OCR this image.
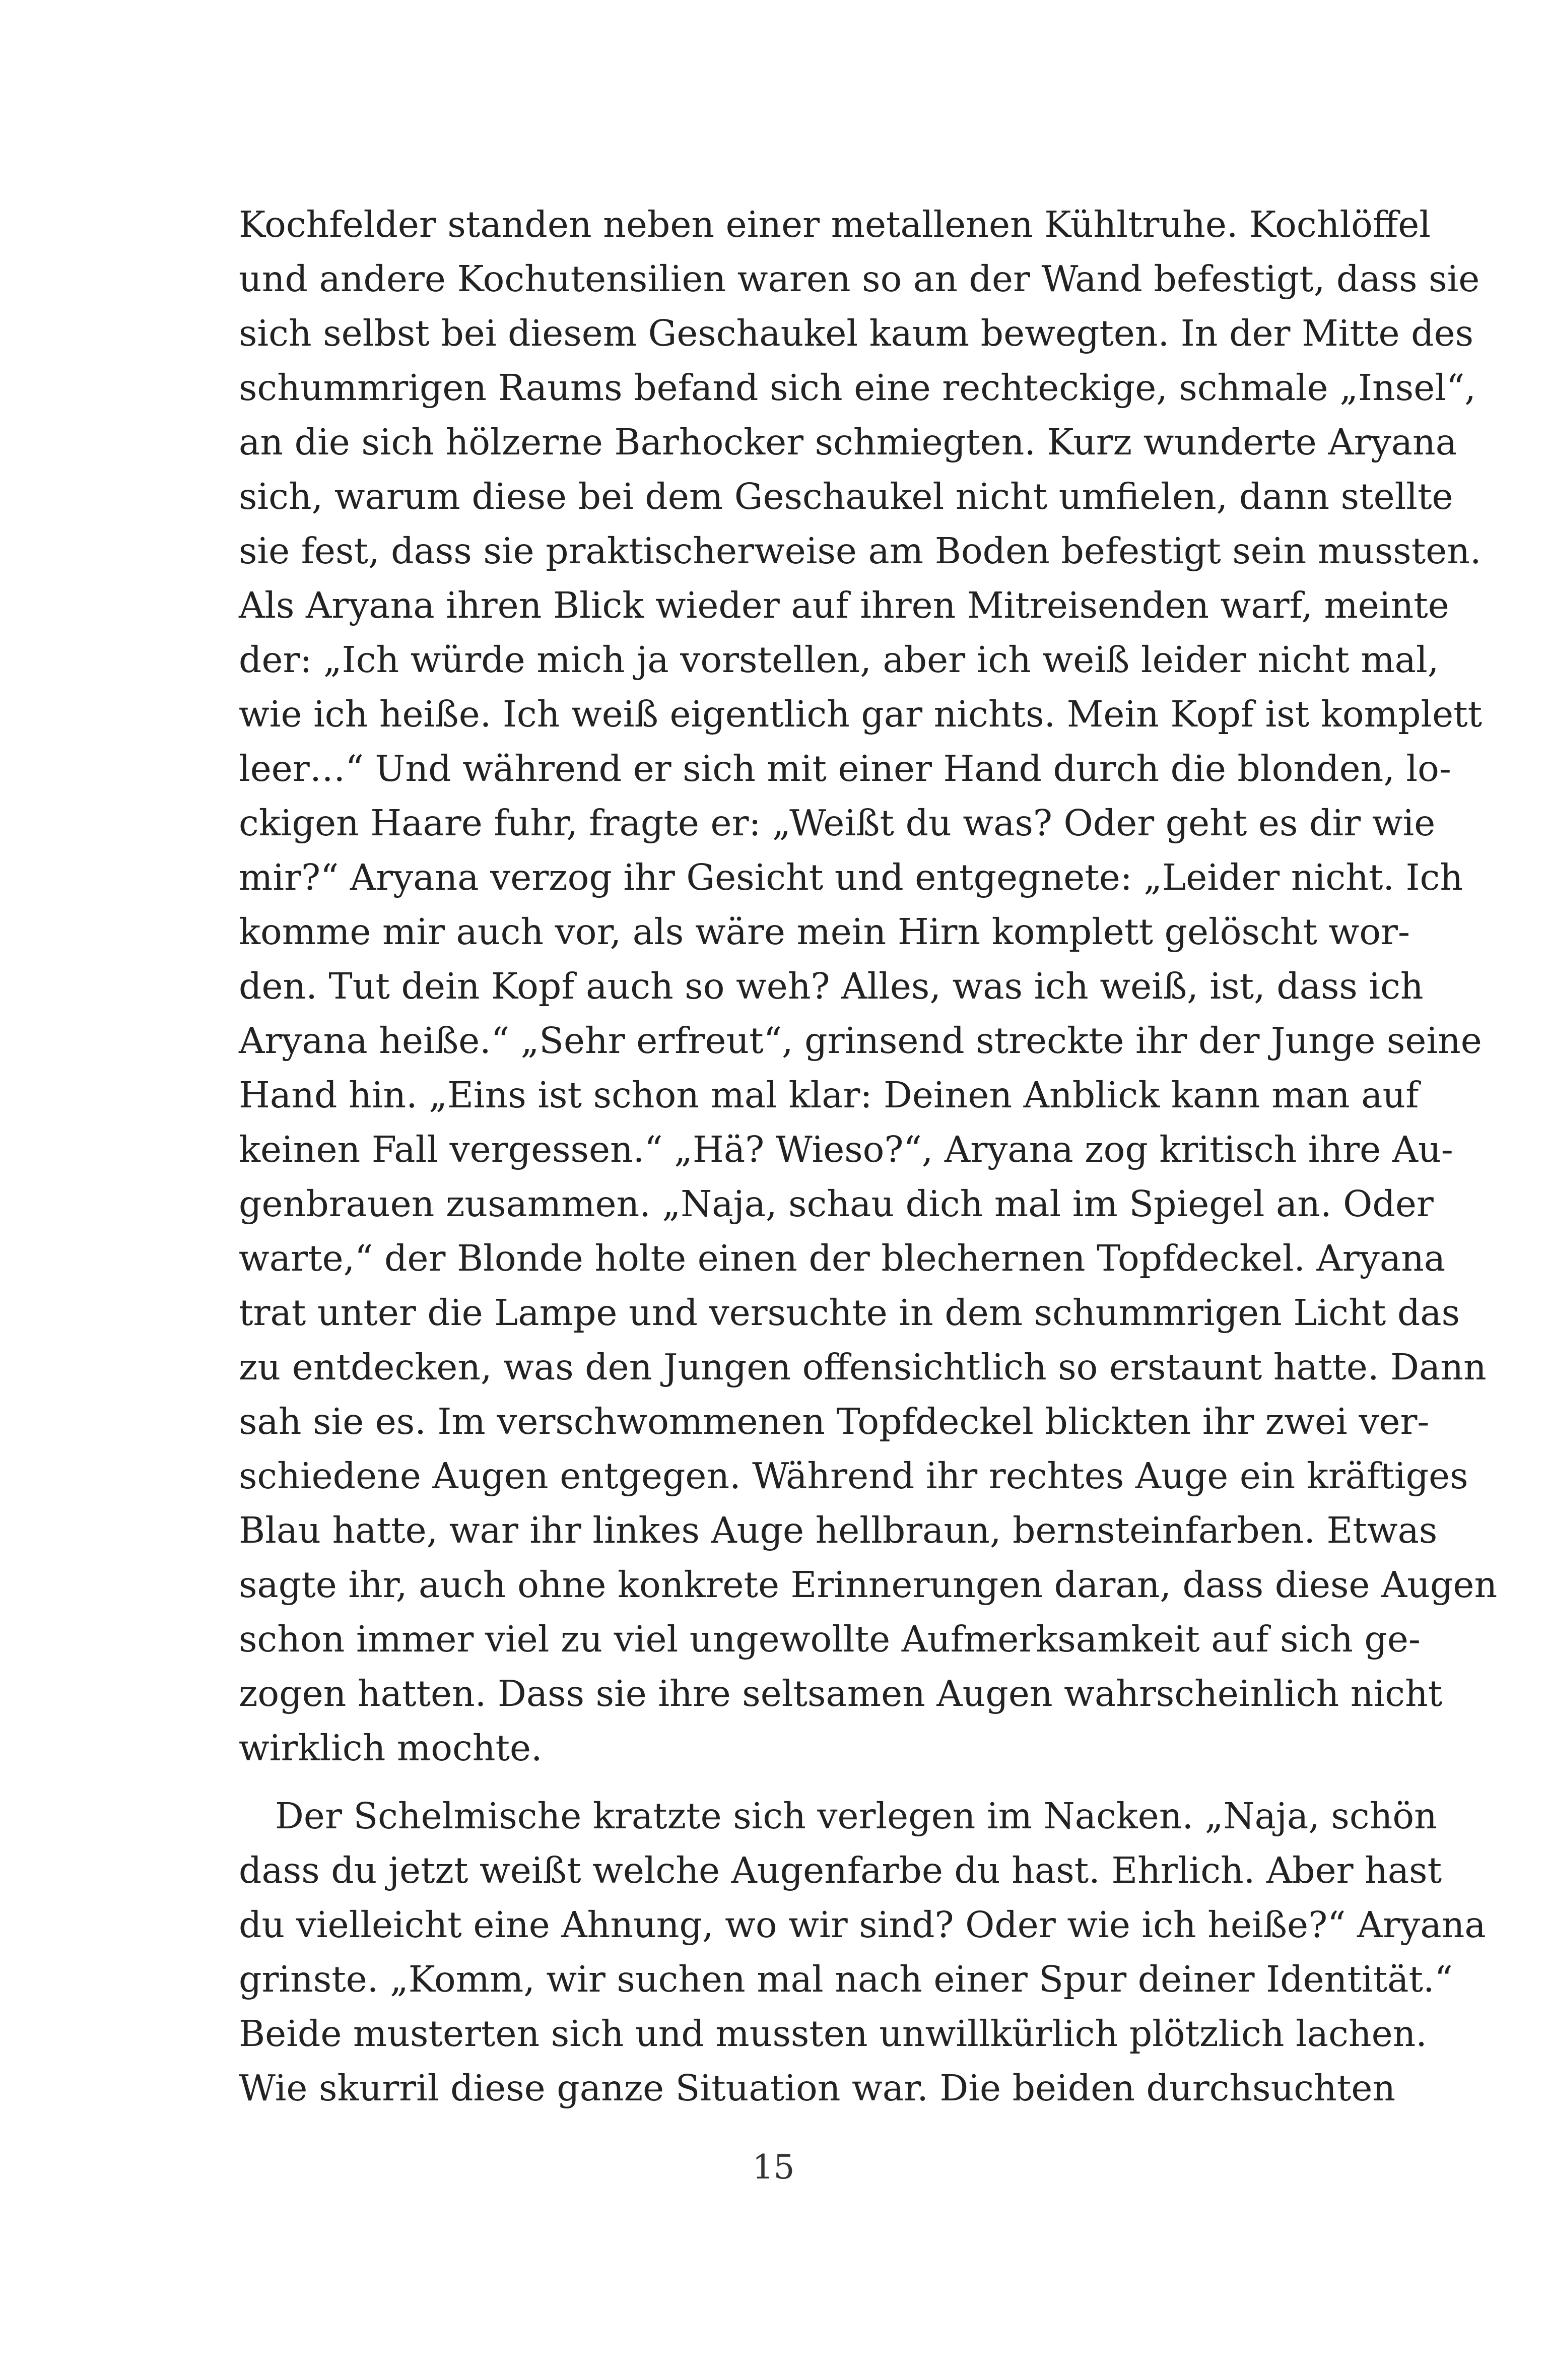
Kochfelder standen neben einer metallenen Kühltruhe. Kochlöffel
und andere Kochutensilien waren so an der Wand befestigt, dass sie
sich selbst bei diesem Geschaukel kaum bewegten. In der Mitte des
schummrigen Raums befand sich eine rechteckige, schmale „Insel“,
an die sich hölzerne Barhocker schmiegten. Kurz wunderte Aryana
sich, warum diese bei dem Geschaukel nicht umfielen, dann stellte
sie fest, dass sie praktischerweise am Boden befestigt sein mussten.
Als Aryana ihren Blick wieder auf ihren Mitreisenden warf, meinte
der: „Ich würde mich ja vorstellen, aber ich weiß leider nicht mal,
wie ich heiße. Ich weiß eigentlich gar nichts. Mein Kopf ist komplett
leer…“ Und während er sich mit einer Hand durch die blonden, lo-
ckigen Haare fuhr, fragte er: „Weißt du was? Oder geht es dir wie
mir?“ Aryana verzog ihr Gesicht und entgegnete: „Leider nicht. Ich
komme mir auch vor, als wäre mein Hirn komplett gelöscht wor-
den. Tut dein Kopf auch so weh? Alles, was ich weiß, ist, dass ich
Aryana heiße.“ „Sehr erfreut“, grinsend streckte ihr der Junge seine
Hand hin. „Eins ist schon mal klar: Deinen Anblick kann man auf
keinen Fall vergessen.“ „Hä? Wieso?“, Aryana zog kritisch ihre Au-
genbrauen zusammen. „Naja, schau dich mal im Spiegel an. Oder
warte,“ der Blonde holte einen der blechernen Topfdeckel. Aryana
trat unter die Lampe und versuchte in dem schummrigen Licht das
zu entdecken, was den Jungen offensichtlich so erstaunt hatte. Dann
sah sie es. Im verschwommenen Topfdeckel blickten ihr zwei ver-
schiedene Augen entgegen. Während ihr rechtes Auge ein kräftiges
Blau hatte, war ihr linkes Auge hellbraun, bernsteinfarben. Etwas
sagte ihr, auch ohne konkrete Erinnerungen daran, dass diese Augen
schon immer viel zu viel ungewollte Aufmerksamkeit auf sich ge-
zogen hatten. Dass sie ihre seltsamen Augen wahrscheinlich nicht
wirklich mochte.

Der Schelmische kratzte sich verlegen im Nacken. „Naja, schön
dass du jetzt weißt welche Augenfarbe du hast. Ehrlich. Aber hast
du vielleicht eine Ahnung, wo wir sind? Oder wie ich heiße?“ Aryana
grinste. „Komm, wir suchen mal nach einer Spur deiner Identität.“
Beide musterten sich und mussten unwillkürlich plötzlich lachen.
Wie skurril diese ganze Situation war. Die beiden durchsuchten

15
